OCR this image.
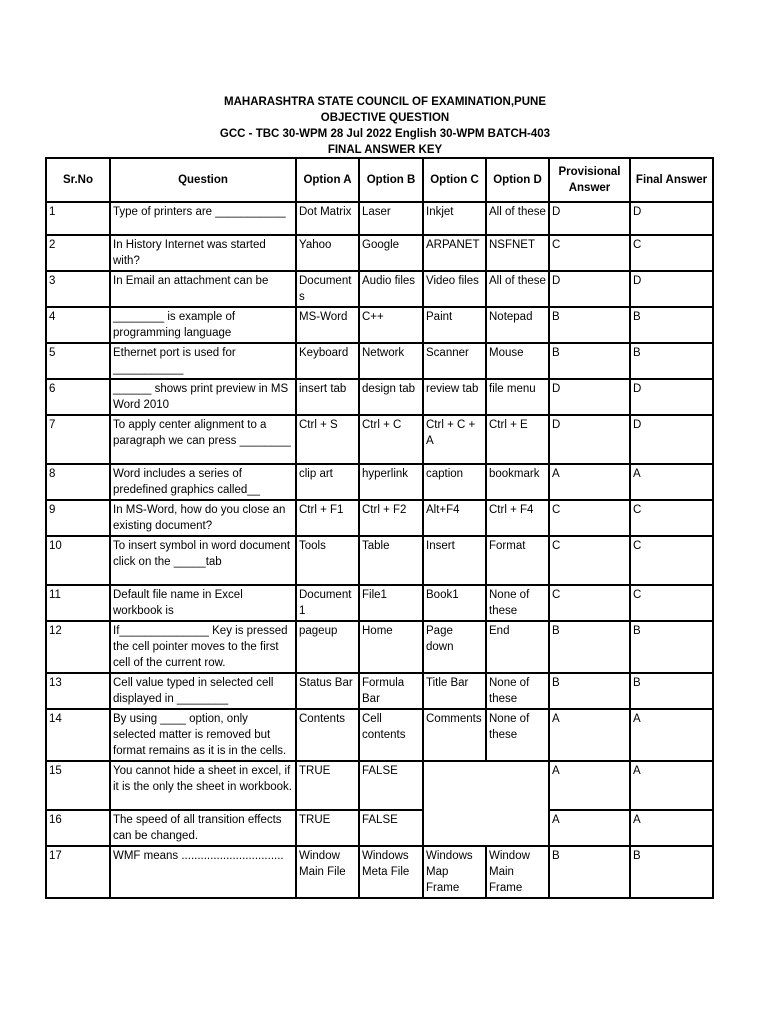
MAHARASHTRA STATE COUNCIL OF EXAMINATION,PUNE
OBJECTIVE QUESTION
GCC - TBC 30-WPM 28 Jul 2022 English 30-WPM BATCH-403
FINAL ANSWER KEY
Sr.No	Question	Option A	Option B	Option C	Option D	Provisional Answer	Final Answer
1	Type of printers are ___________	Dot Matrix	Laser	Inkjet	All of these	D	D
2	In History Internet was started with?	Yahoo	Google	ARPANET	NSFNET	C	C
3	In Email an attachment can be	Documents	Audio files	Video files	All of these	D	D
4	________ is example of programming language	MS-Word	C++	Paint	Notepad	B	B
5	Ethernet port is used for ___________	Keyboard	Network	Scanner	Mouse	B	B
6	______ shows print preview in MS Word 2010	insert tab	design tab	review tab	file menu	D	D
7	To apply center alignment to a paragraph we can press ________	Ctrl + S	Ctrl + C	Ctrl + C + A	Ctrl + E	D	D
8	Word includes a series of predefined graphics called__	clip art	hyperlink	caption	bookmark	A	A
9	In MS-Word, how do you close an existing document?	Ctrl + F1	Ctrl + F2	Alt+F4	Ctrl + F4	C	C
10	To insert symbol in word document click on the _____tab	Tools	Table	Insert	Format	C	C
11	Default file name in Excel workbook is	Document1	File1	Book1	None of these	C	C
12	If______________ Key is pressed the cell pointer moves to the first cell of the current row.	pageup	Home	Page down	End	B	B
13	Cell value typed in selected cell displayed in ________	Status Bar	Formula Bar	Title Bar	None of these	B	B
14	By using ____ option, only selected matter is removed but format remains as it is in the cells.	Contents	Cell contents	Comments	None of these	A	A
15	You cannot hide a sheet in excel, if it is the only the sheet in workbook.	TRUE	FALSE			A	A
16	The speed of all transition effects can be changed.	TRUE	FALSE			A	A
17	WMF means ................................	Window Main File	Windows Meta File	Windows Map Frame	Window Main Frame	B	B
